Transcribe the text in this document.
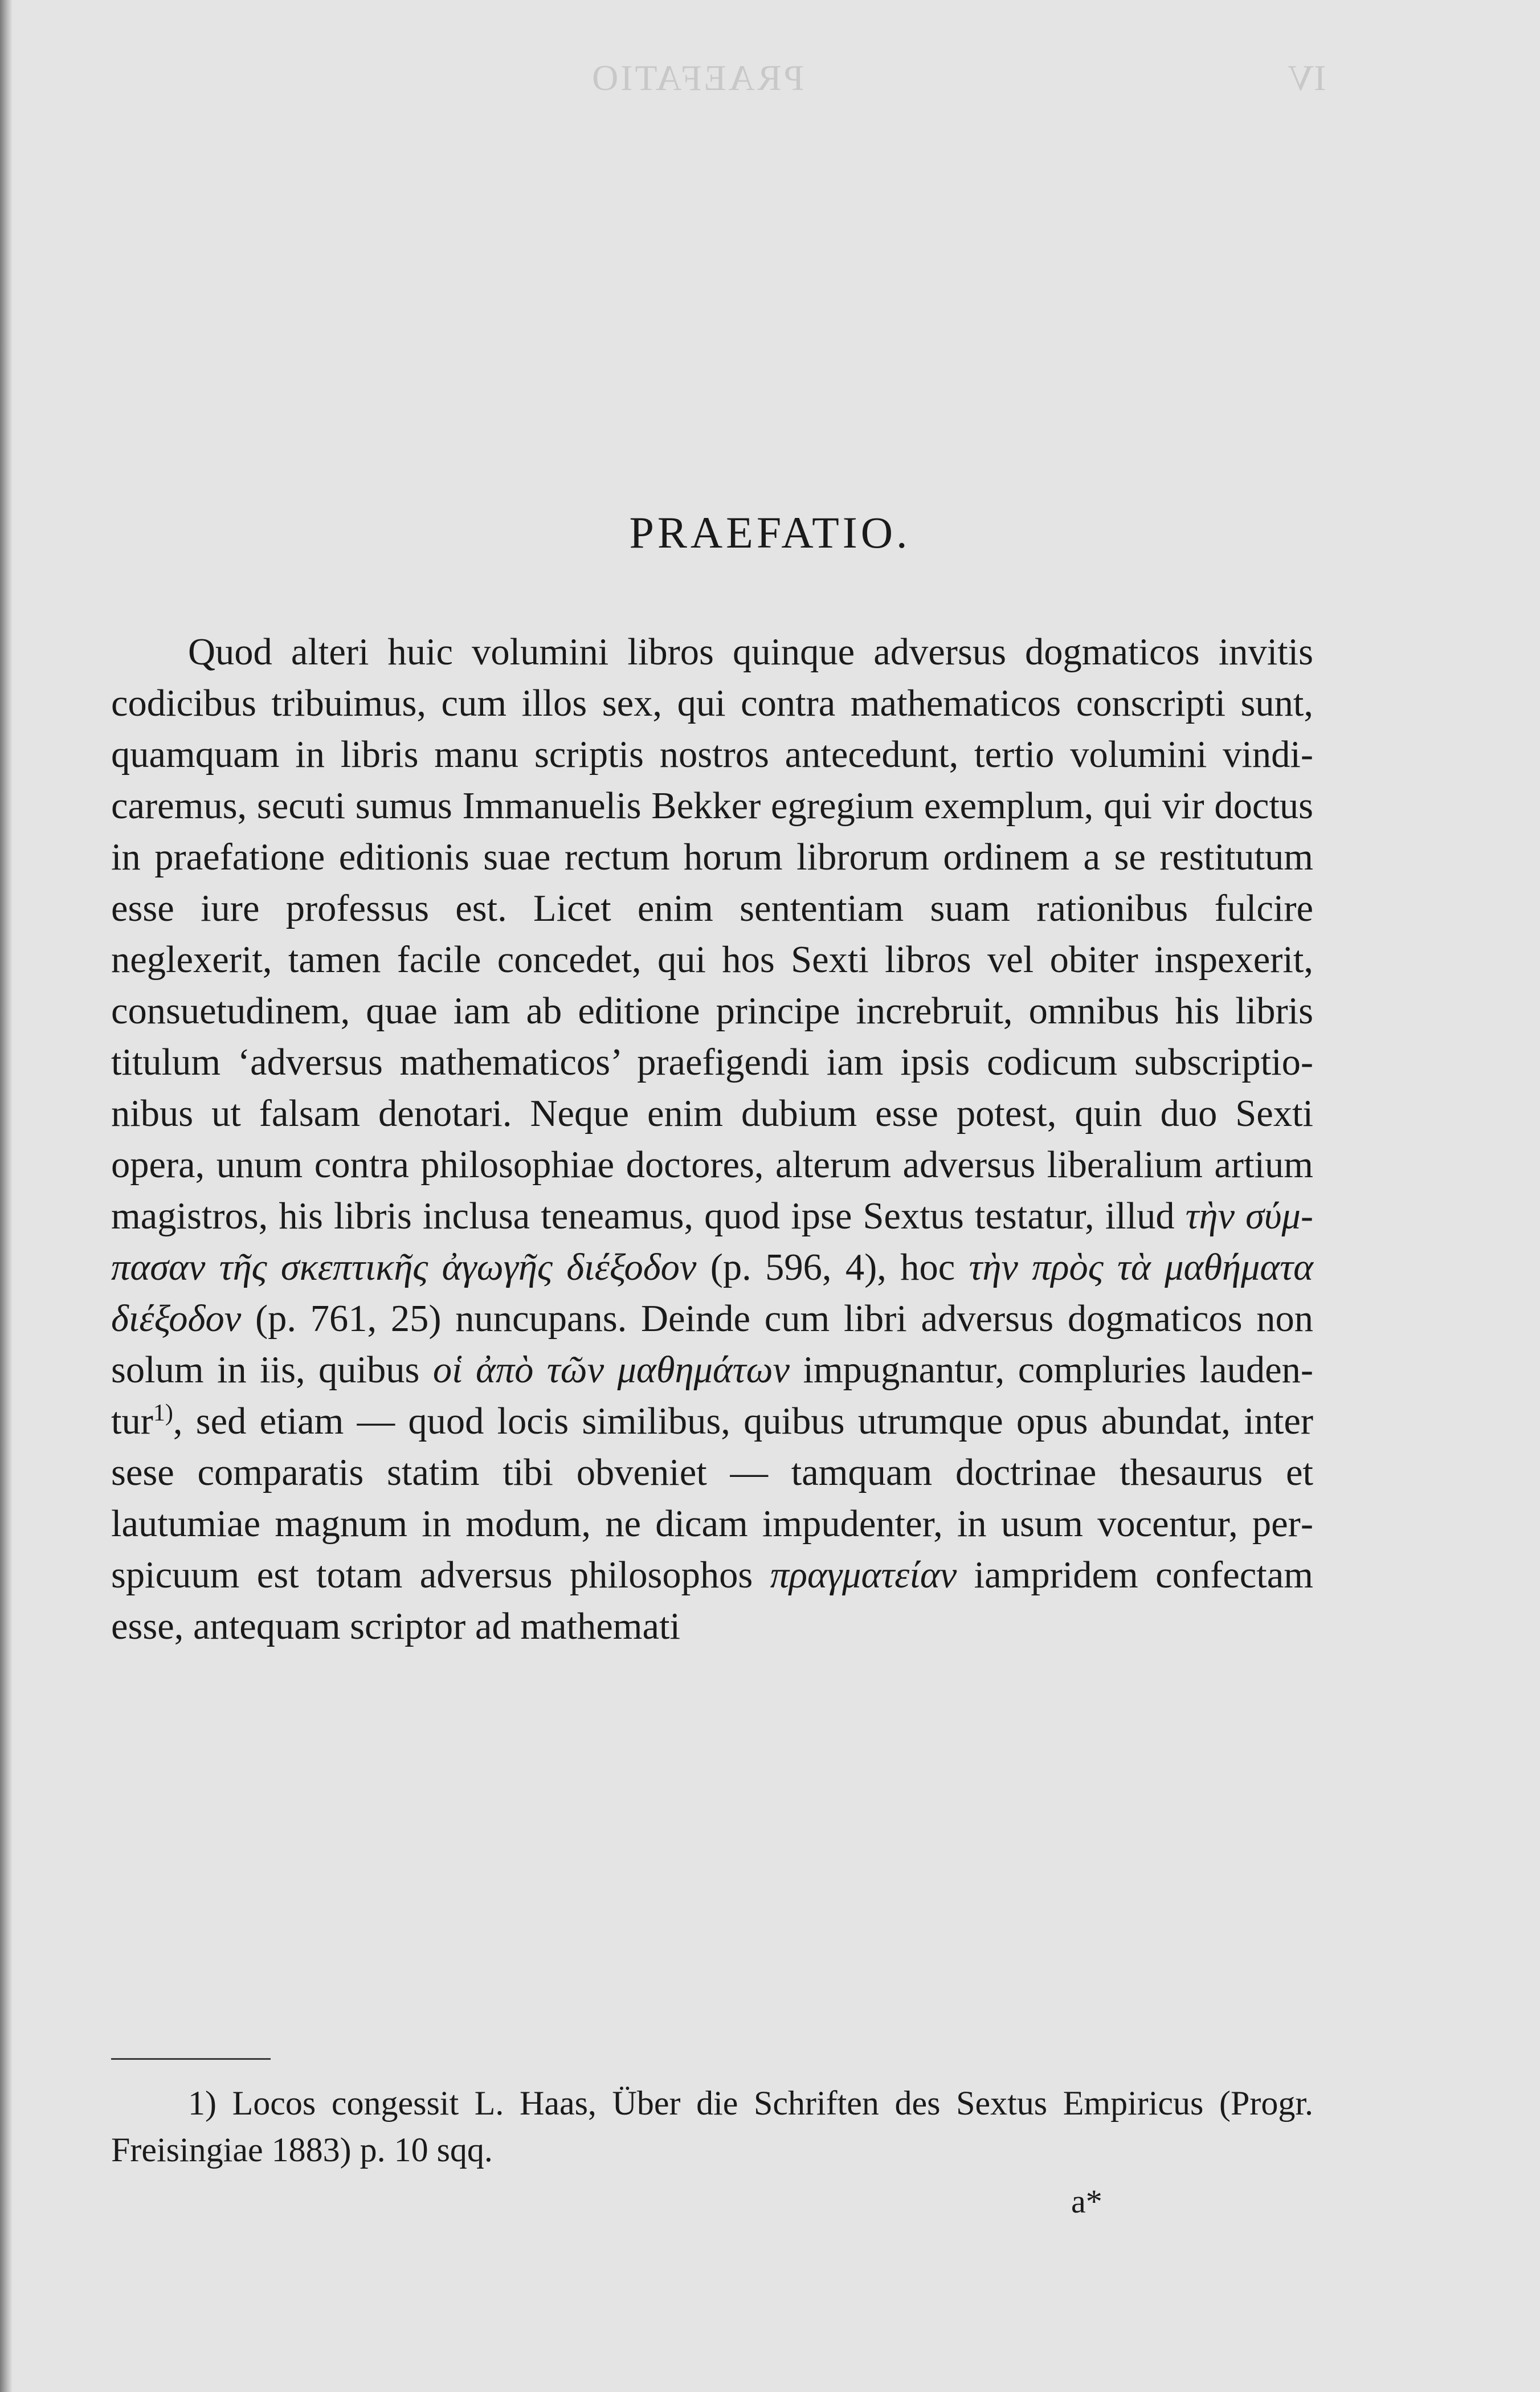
PRAEFATIO	IV
PRAEFATIO.

Quod alteri huic volumini libros quinque adversus dogmaticos invitis codicibus tribuimus, cum illos sex, qui contra mathematicos conscripti sunt, quamquam in libris manu scriptis nostros antecedunt, tertio volumini vindicaremus, secuti sumus Immanuelis Bekker egregium exemplum, qui vir doctus in praefatione editionis suae rectum horum librorum ordinem a se restitutum esse iure professus est. Licet enim sententiam suam rationibus fulcire neglexerit, tamen facile concedet, qui hos Sexti libros vel obiter inspexerit, consuetudinem, quae iam ab editione principe increbruit, omnibus his libris titulum ‘adversus mathematicos’ praefigendi iam ipsis codicum subscriptionibus ut falsam denotari. Neque enim dubium esse potest, quin duo Sexti opera, unum contra philosophiae doctores, alterum adversus liberalium artium magistros, his libris inclusa teneamus, quod ipse Sextus testatur, illud τὴν σύμπασαν τῆς σκεπτικῆς ἀγωγῆς διέξοδον (p. 596, 4), hoc τὴν πρὸς τὰ μαθήματα διέξοδον (p. 761, 25) nuncupans. Deinde cum libri adversus dogmaticos non solum in iis, quibus οἱ ἀπὸ τῶν μαθημάτων impugnantur, compluries laudentur$^{1)}$, sed etiam — quod locis similibus, quibus utrumque opus abundat, inter sese comparatis statim tibi obveniet — tamquam doctrinae thesaurus et lautumiae magnum in modum, ne dicam impudenter, in usum vocentur, perspicuum est totam adversus philosophos πραγματείαν iampridem confectam esse, antequam scriptor ad mathemati

1) Locos congessit L. Haas, Über die Schriften des Sextus Empiricus (Progr. Freisingiae 1883) p. 10 sqq.

a*
